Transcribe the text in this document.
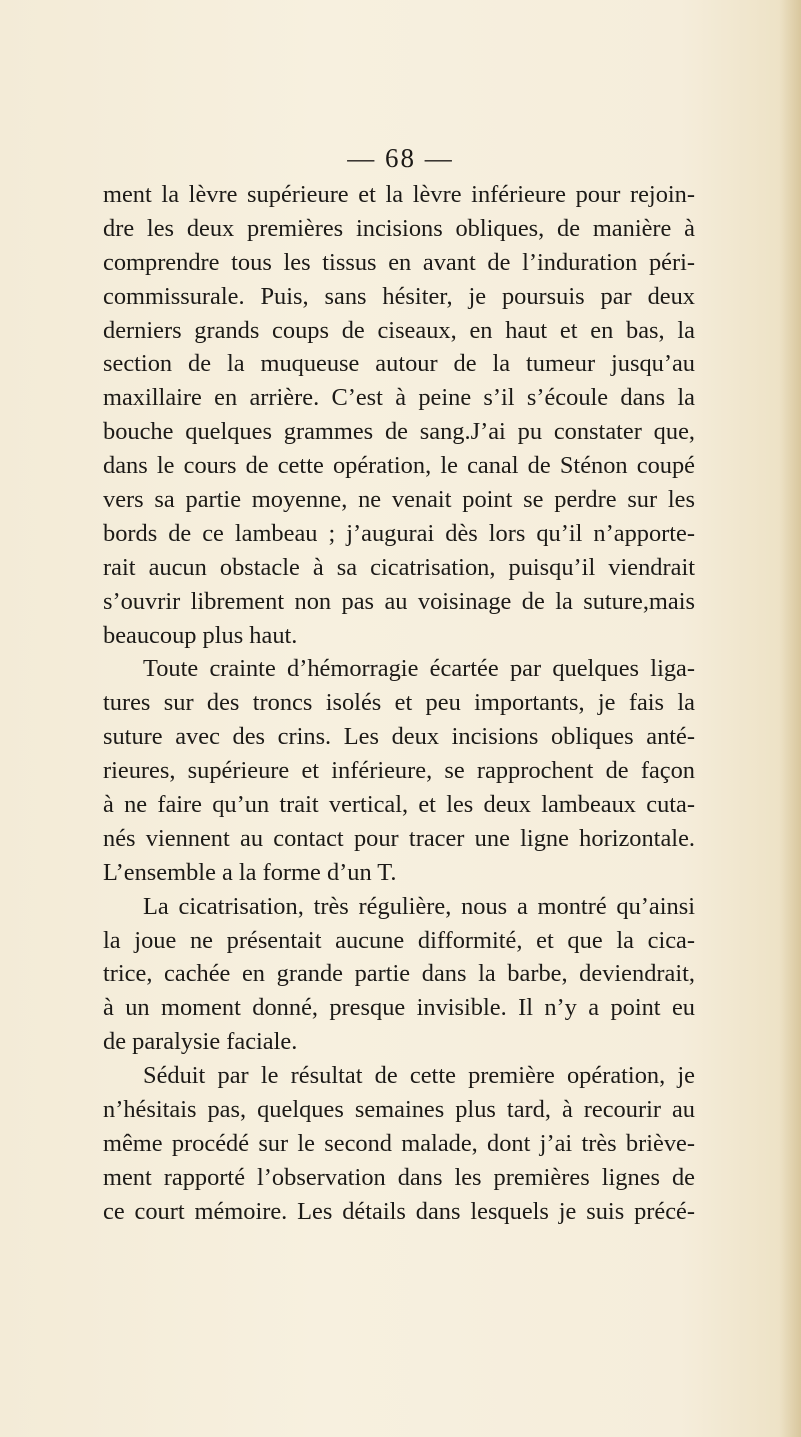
— 68 —
ment la lèvre supérieure et la lèvre inférieure pour rejoin-
dre les deux premières incisions obliques, de manière à
comprendre tous les tissus en avant de l’induration péri-
commissurale. Puis, sans hésiter, je poursuis par deux
derniers grands coups de ciseaux, en haut et en bas, la
section de la muqueuse autour de la tumeur jusqu’au
maxillaire en arrière. C’est à peine s’il s’écoule dans la
bouche quelques grammes de sang.J’ai pu constater que,
dans le cours de cette opération, le canal de Sténon coupé
vers sa partie moyenne, ne venait point se perdre sur les
bords de ce lambeau ; j’augurai dès lors qu’il n’apporte-
rait aucun obstacle à sa cicatrisation, puisqu’il viendrait
s’ouvrir librement non pas au voisinage de la suture,mais
beaucoup plus haut.
Toute crainte d’hémorragie écartée par quelques liga-
tures sur des troncs isolés et peu importants, je fais la
suture avec des crins. Les deux incisions obliques anté-
rieures, supérieure et inférieure, se rapprochent de façon
à ne faire qu’un trait vertical, et les deux lambeaux cuta-
nés viennent au contact pour tracer une ligne horizontale.
L’ensemble a la forme d’un T.
La cicatrisation, très régulière, nous a montré qu’ainsi
la joue ne présentait aucune difformité, et que la cica-
trice, cachée en grande partie dans la barbe, deviendrait,
à un moment donné, presque invisible. Il n’y a point eu
de paralysie faciale.
Séduit par le résultat de cette première opération, je
n’hésitais pas, quelques semaines plus tard, à recourir au
même procédé sur le second malade, dont j’ai très briève-
ment rapporté l’observation dans les premières lignes de
ce court mémoire. Les détails dans lesquels je suis précé-
